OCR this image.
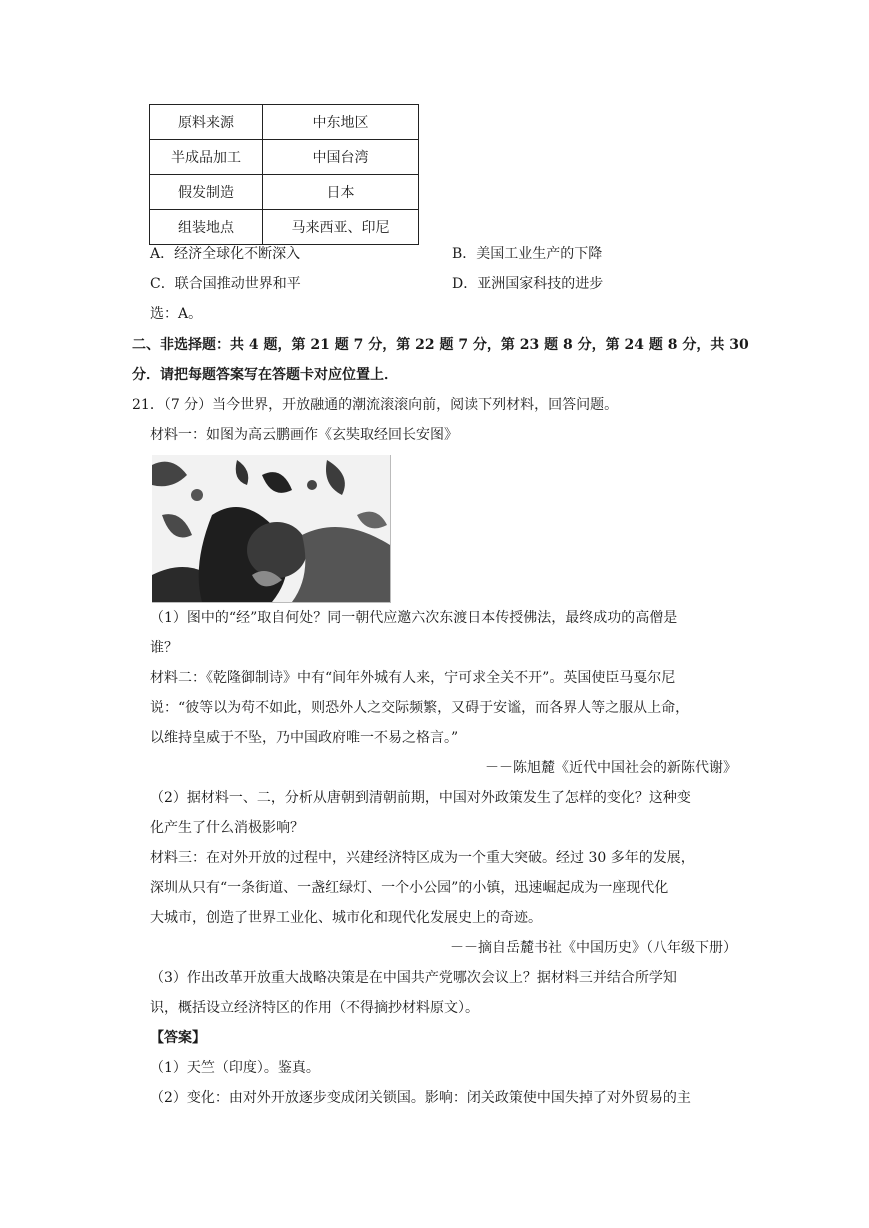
原料来源	中东地区
半成品加工	中国台湾
假发制造	日本
组装地点	马来西亚、印尼
A．经济全球化不断深入	B．美国工业生产的下降
C．联合国推动世界和平	D．亚洲国家科技的进步
选：A。
二、非选择题：共 4 题，第 21 题 7 分，第 22 题 7 分，第 23 题 8 分，第 24 题 8 分，共 30
分．请把每题答案写在答题卡对应位置上．
21．（7 分）当今世界，开放融通的潮流滚滚向前，阅读下列材料，回答问题。
材料一：如图为高云鹏画作《玄奘取经回长安图》
（1）图中的“经”取自何处？同一朝代应邀六次东渡日本传授佛法，最终成功的高僧是
谁？
材料二：《乾隆御制诗》中有“间年外城有人来，宁可求全关不开”。英国使臣马戛尔尼
说：“彼等以为苟不如此，则恐外人之交际频繁，又碍于安谧，而各界人等之服从上命，
以维持皇威于不坠，乃中国政府唯一不易之格言。”
－－陈旭麓《近代中国社会的新陈代谢》
（2）据材料一、二，分析从唐朝到清朝前期，中国对外政策发生了怎样的变化？这种变
化产生了什么消极影响？
材料三：在对外开放的过程中，兴建经济特区成为一个重大突破。经过 30 多年的发展，
深圳从只有“一条街道、一盏红绿灯、一个小公园”的小镇，迅速崛起成为一座现代化
大城市，创造了世界工业化、城市化和现代化发展史上的奇迹。
－－摘自岳麓书社《中国历史》（八年级下册）
（3）作出改革开放重大战略决策是在中国共产党哪次会议上？据材料三并结合所学知
识，概括设立经济特区的作用（不得摘抄材料原文）。
【答案】
（1）天竺（印度）。鉴真。
（2）变化：由对外开放逐步变成闭关锁国。影响：闭关政策使中国失掉了对外贸易的主
